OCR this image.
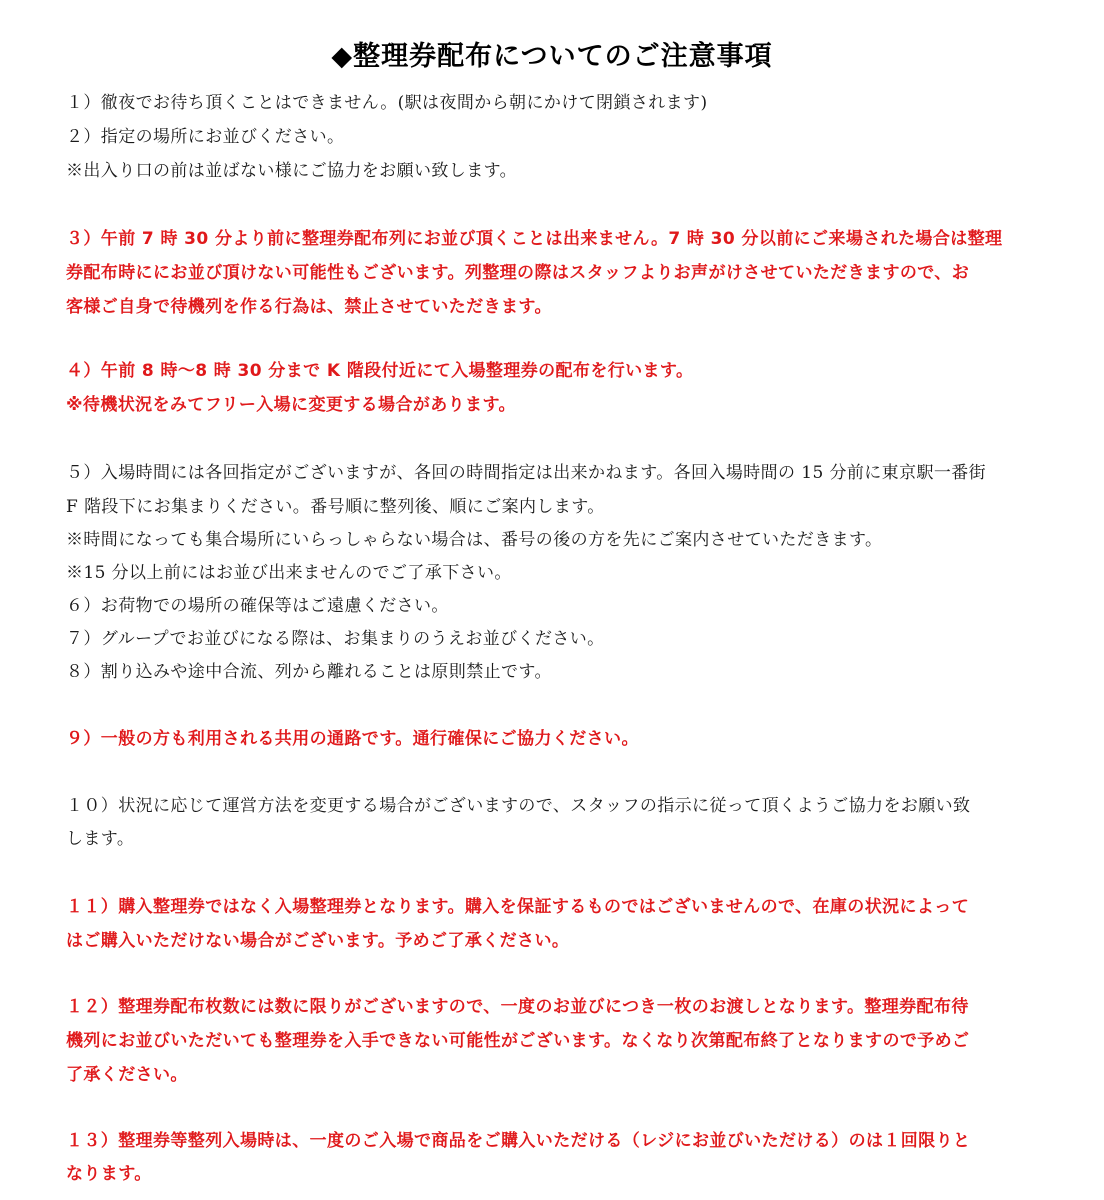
◆整理券配布についてのご注意事項
１）徹夜でお待ち頂くことはできません。(駅は夜間から朝にかけて閉鎖されます)
２）指定の場所にお並びください。
※出入り口の前は並ばない様にご協力をお願い致します。
３）午前 7 時 30 分より前に整理券配布列にお並び頂くことは出来ません。7 時 30 分以前にご来場された場合は整理
券配布時ににお並び頂けない可能性もございます。列整理の際はスタッフよりお声がけさせていただきますので、お
客様ご自身で待機列を作る行為は、禁止させていただきます。
４）午前 8 時〜8 時 30 分まで K 階段付近にて入場整理券の配布を行います。
※待機状況をみてフリー入場に変更する場合があります。
５）入場時間には各回指定がございますが、各回の時間指定は出来かねます。各回入場時間の 15 分前に東京駅一番街
F 階段下にお集まりください。番号順に整列後、順にご案内します。
※時間になっても集合場所にいらっしゃらない場合は、番号の後の方を先にご案内させていただきます。
※15 分以上前にはお並び出来ませんのでご了承下さい。
６）お荷物での場所の確保等はご遠慮ください。
７）グループでお並びになる際は、お集まりのうえお並びください。
８）割り込みや途中合流、列から離れることは原則禁止です。
９）一般の方も利用される共用の通路です。通行確保にご協力ください。
１０）状況に応じて運営方法を変更する場合がございますので、スタッフの指示に従って頂くようご協力をお願い致
します。
１１）購入整理券ではなく入場整理券となります。購入を保証するものではございませんので、在庫の状況によって
はご購入いただけない場合がございます。予めご了承ください。
１２）整理券配布枚数には数に限りがございますので、一度のお並びにつき一枚のお渡しとなります。整理券配布待
機列にお並びいただいても整理券を入手できない可能性がございます。なくなり次第配布終了となりますので予めご
了承ください。
１３）整理券等整列入場時は、一度のご入場で商品をご購入いただける（レジにお並びいただける）のは１回限りと
なります。
